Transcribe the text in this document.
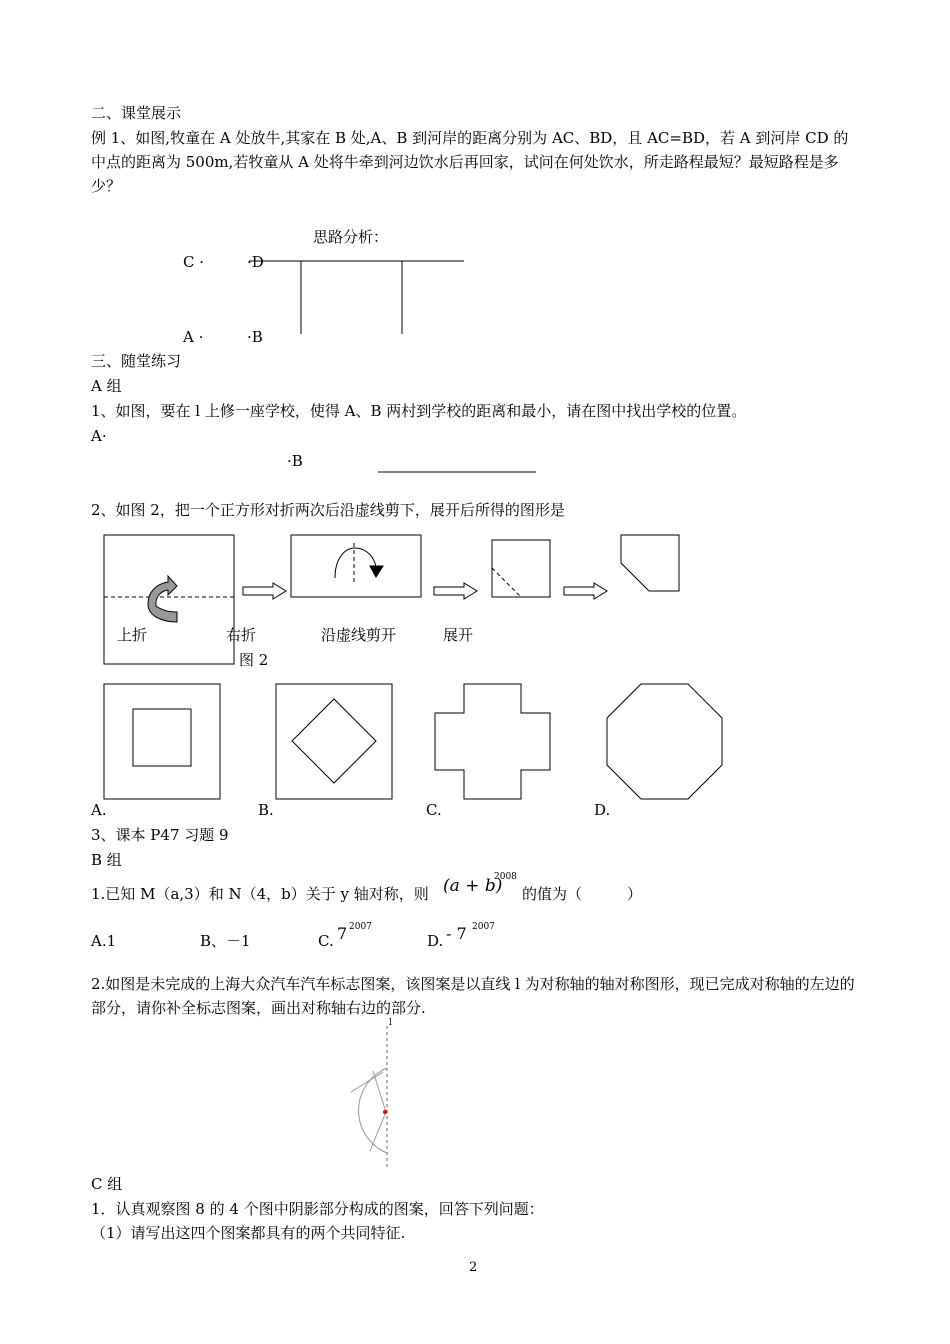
二、课堂展示
例 1、如图,牧童在 A 处放牛,其家在 B 处,A、B 到河岸的距离分别为 AC、BD，且 AC=BD，若 A 到河岸 CD 的中点的距离为 500m,若牧童从 A 处将牛牵到河边饮水后再回家，试问在何处饮水，所走路程最短？最短路程是多少？
思路分析：
C ·	·D
A ·	·B
三、随堂练习
A 组
1、如图，要在 l 上修一座学校，使得 A、B 两村到学校的距离和最小，请在图中找出学校的位置。
A·
·B
2、如图 2，把一个正方形对折两次后沿虚线剪下，展开后所得的图形是
上折	右折	沿虚线剪开	展开
图 2
A.	B.	C.	D.
3、课本 P47 习题 9
B 组
1.已知 M（a,3）和 N（4，b）关于 y 轴对称，则 (a + b)
2008
的值为（　　　）
A.1	B、－1	C. 7 2007
D. - 7 2007
2.如图是未完成的上海大众汽车汽车标志图案，该图案是以直线 l 为对称轴的轴对称图形，现已完成对称轴的左边的部分，请你补全标志图案，画出对称轴右边的部分.
l
C 组
1．认真观察图 8 的 4 个图中阴影部分构成的图案，回答下列问题：
（1）请写出这四个图案都具有的两个共同特征.
2
